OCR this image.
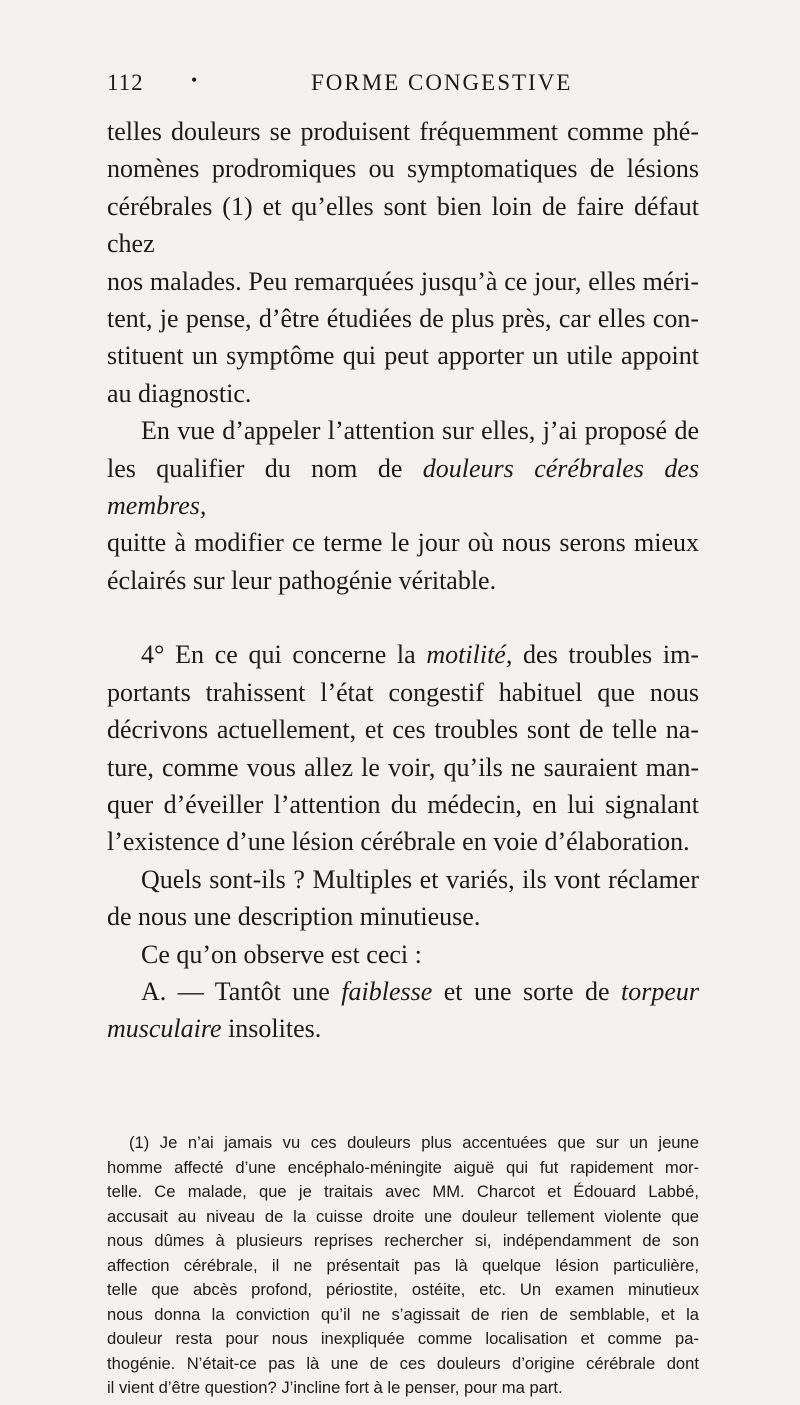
112	•	FORME CONGESTIVE

telles douleurs se produisent fréquemment comme phé-
nomènes prodromiques ou symptomatiques de lésions
cérébrales (1) et qu’elles sont bien loin de faire défaut chez
nos malades. Peu remarquées jusqu’à ce jour, elles méri-
tent, je pense, d’être étudiées de plus près, car elles con-
stituent un symptôme qui peut apporter un utile appoint
au diagnostic.

En vue d’appeler l’attention sur elles, j’ai proposé de
les qualifier du nom de douleurs cérébrales des membres,
quitte à modifier ce terme le jour où nous serons mieux
éclairés sur leur pathogénie véritable.

4° En ce qui concerne la motilité, des troubles im-
portants trahissent l’état congestif habituel que nous
décrivons actuellement, et ces troubles sont de telle na-
ture, comme vous allez le voir, qu’ils ne sauraient man-
quer d’éveiller l’attention du médecin, en lui signalant
l’existence d’une lésion cérébrale en voie d’élaboration.

Quels sont-ils ? Multiples et variés, ils vont réclamer
de nous une description minutieuse.

Ce qu’on observe est ceci :

A. — Tantôt une faiblesse et une sorte de torpeur
musculaire insolites.

(1) Je n’ai jamais vu ces douleurs plus accentuées que sur un jeune
homme affecté d’une encéphalo-méningite aiguë qui fut rapidement mor-
telle. Ce malade, que je traitais avec MM. Charcot et Édouard Labbé,
accusait au niveau de la cuisse droite une douleur tellement violente que
nous dûmes à plusieurs reprises rechercher si, indépendamment de son
affection cérébrale, il ne présentait pas là quelque lésion particulière,
telle que abcès profond, périostite, ostéite, etc. Un examen minutieux
nous donna la conviction qu’il ne s’agissait de rien de semblable, et la
douleur resta pour nous inexpliquée comme localisation et comme pa-
thogénie. N’était-ce pas là une de ces douleurs d’origine cérébrale dont
il vient d’être question? J’incline fort à le penser, pour ma part.
